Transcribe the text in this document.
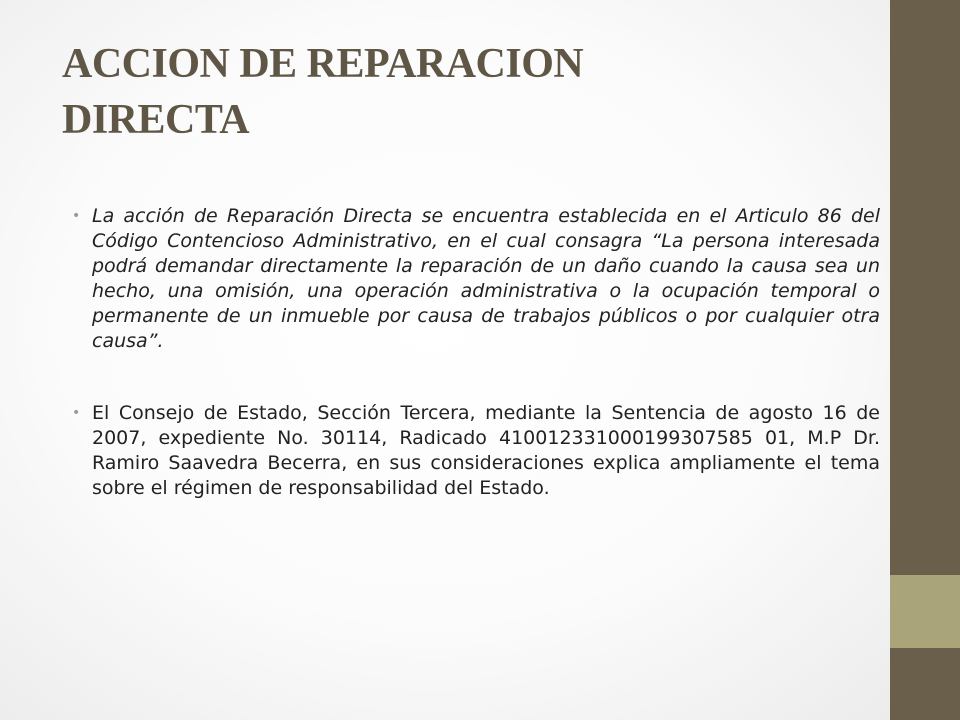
ACCION DE REPARACION
DIRECTA

• La acción de Reparación Directa se encuentra establecida en el Articulo 86 del Código Contencioso Administrativo, en el cual consagra “La persona interesada podrá demandar directamente la reparación de un daño cuando la causa sea un hecho, una omisión, una operación administrativa o la ocupación temporal o permanente de un inmueble por causa de trabajos públicos o por cualquier otra causa”.

• El Consejo de Estado, Sección Tercera, mediante la Sentencia de agosto 16 de 2007, expediente No. 30114, Radicado 410012331000199307585 01, M.P Dr. Ramiro Saavedra Becerra, en sus consideraciones explica ampliamente el tema sobre el régimen de responsabilidad del Estado.
